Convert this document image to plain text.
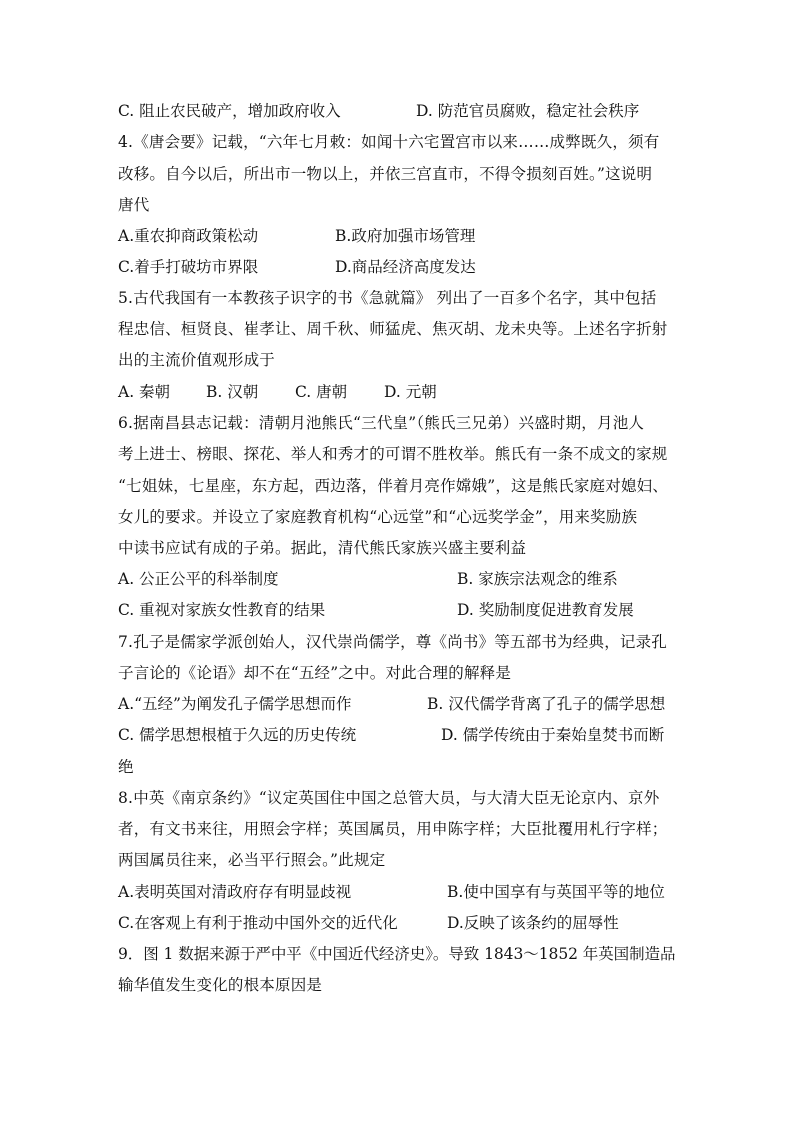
C. 阻止农民破产，增加政府收入	D. 防范官员腐败，稳定社会秩序
4.《唐会要》记载，“六年七月敕：如闻十六宅置宫市以来……成弊既久，须有
改移。自今以后，所出市一物以上，并依三宫直市，不得令损刻百姓。”这说明
唐代
A.重农抑商政策松动	B.政府加强市场管理
C.着手打破坊市界限	D.商品经济高度发达
5.古代我国有一本教孩子识字的书《急就篇》 列出了一百多个名字，其中包括
程忠信、桓贤良、崔孝让、周千秋、师猛虎、焦灭胡、龙未央等。上述名字折射
出的主流价值观形成于
A. 秦朝 B. 汉朝 C. 唐朝 D. 元朝
6.据南昌县志记载：清朝月池熊氏“三代皇”（熊氏三兄弟）兴盛时期，月池人
考上进士、榜眼、探花、举人和秀才的可谓不胜枚举。熊氏有一条不成文的家规
“七姐妹，七星座，东方起，西边落，伴着月亮作嫦娥”，这是熊氏家庭对媳妇、
女儿的要求。并设立了家庭教育机构“心远堂”和“心远奖学金”，用来奖励族
中读书应试有成的子弟。据此，清代熊氏家族兴盛主要利益
A. 公正公平的科举制度	B. 家族宗法观念的维系
C. 重视对家族女性教育的结果	D. 奖励制度促进教育发展
7.孔子是儒家学派创始人，汉代崇尚儒学，尊《尚书》等五部书为经典，记录孔
子言论的《论语》却不在“五经”之中。对此合理的解释是
A.“五经”为阐发孔子儒学思想而作	B. 汉代儒学背离了孔子的儒学思想
C. 儒学思想根植于久远的历史传统	D. 儒学传统由于秦始皇焚书而断
绝
8.中英《南京条约》“议定英国住中国之总管大员，与大清大臣无论京内、京外
者，有文书来往，用照会字样；英国属员，用申陈字样；大臣批覆用札行字样；
两国属员往来，必当平行照会。”此规定
A.表明英国对清政府存有明显歧视	B.使中国享有与英国平等的地位
C.在客观上有利于推动中国外交的近代化	D.反映了该条约的屈辱性
9．图 1 数据来源于严中平《中国近代经济史》。导致 1843～1852 年英国制造品
输华值发生变化的根本原因是
